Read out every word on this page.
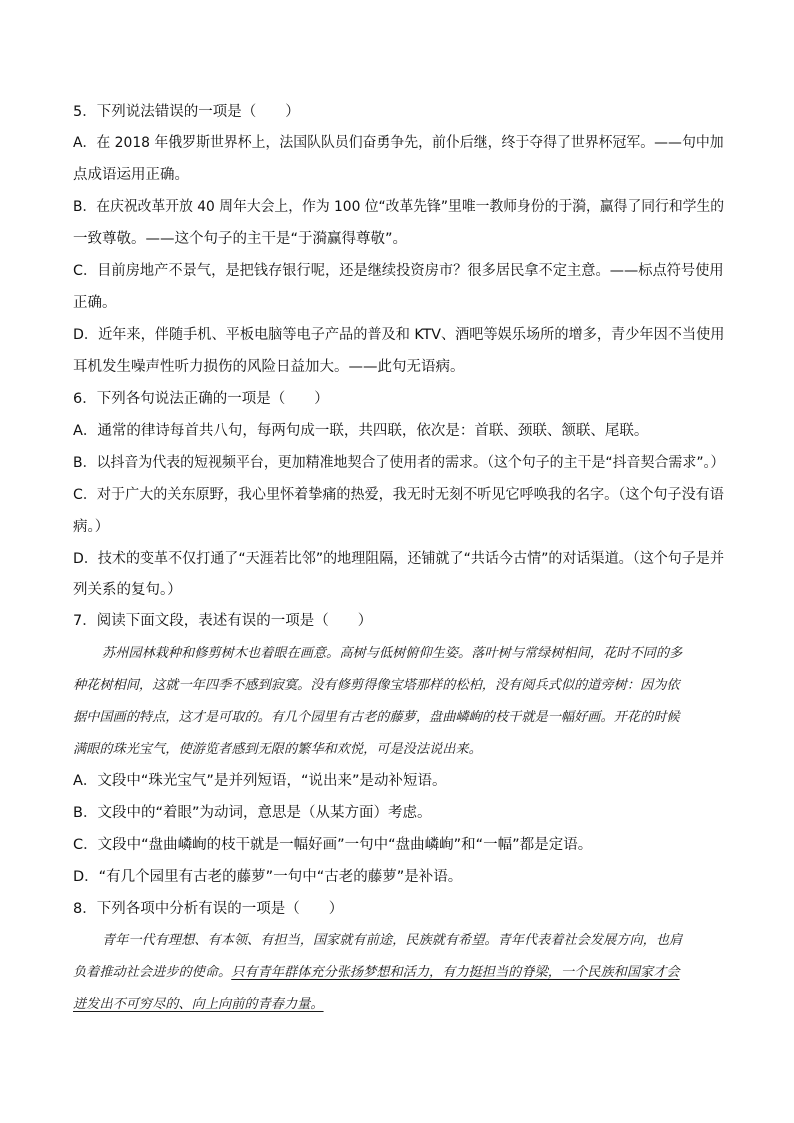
5．下列说法错误的一项是（　　）
A．在 2018 年俄罗斯世界杯上，法国队队员们奋勇争先，前仆后继，终于夺得了世界杯冠军。——句中加
点成语运用正确。
B．在庆祝改革开放 40 周年大会上，作为 100 位“改革先锋”里唯一教师身份的于漪，赢得了同行和学生的
一致尊敬。——这个句子的主干是“于漪赢得尊敬”。
C．目前房地产不景气，是把钱存银行呢，还是继续投资房市？很多居民拿不定主意。——标点符号使用
正确。
D．近年来，伴随手机、平板电脑等电子产品的普及和 KTV、酒吧等娱乐场所的增多，青少年因不当使用
耳机发生噪声性听力损伤的风险日益加大。——此句无语病。
6．下列各句说法正确的一项是（　　）
A．通常的律诗每首共八句，每两句成一联，共四联，依次是：首联、颈联、颔联、尾联。
B．以抖音为代表的短视频平台，更加精准地契合了使用者的需求。（这个句子的主干是“抖音契合需求”。）
C．对于广大的关东原野，我心里怀着挚痛的热爱，我无时无刻不听见它呼唤我的名字。（这个句子没有语
病。）
D．技术的变革不仅打通了“天涯若比邻”的地理阻隔，还铺就了“共话今古情”的对话渠道。（这个句子是并
列关系的复句。）
7．阅读下面文段，表述有误的一项是（　　）
苏州园林栽种和修剪树木也着眼在画意。高树与低树俯仰生姿。落叶树与常绿树相间，花时不同的多
种花树相间，这就一年四季不感到寂寞。没有修剪得像宝塔那样的松柏，没有阅兵式似的道旁树：因为依
据中国画的特点，这才是可取的。有几个园里有古老的藤萝，盘曲嶙峋的枝干就是一幅好画。开花的时候
满眼的珠光宝气，使游览者感到无限的繁华和欢悦，可是没法说出来。
A．文段中“珠光宝气”是并列短语，“说出来”是动补短语。
B．文段中的“着眼”为动词，意思是（从某方面）考虑。
C．文段中“盘曲嶙峋的枝干就是一幅好画”一句中“盘曲嶙峋”和“一幅”都是定语。
D．“有几个园里有古老的藤萝”一句中“古老的藤萝”是补语。
8．下列各项中分析有误的一项是（　　）
青年一代有理想、有本领、有担当，国家就有前途，民族就有希望。青年代表着社会发展方向，也肩
负着推动社会进步的使命。只有青年群体充分张扬梦想和活力，有力挺担当的脊梁，一个民族和国家才会
迸发出不可穷尽的、向上向前的青春力量。
